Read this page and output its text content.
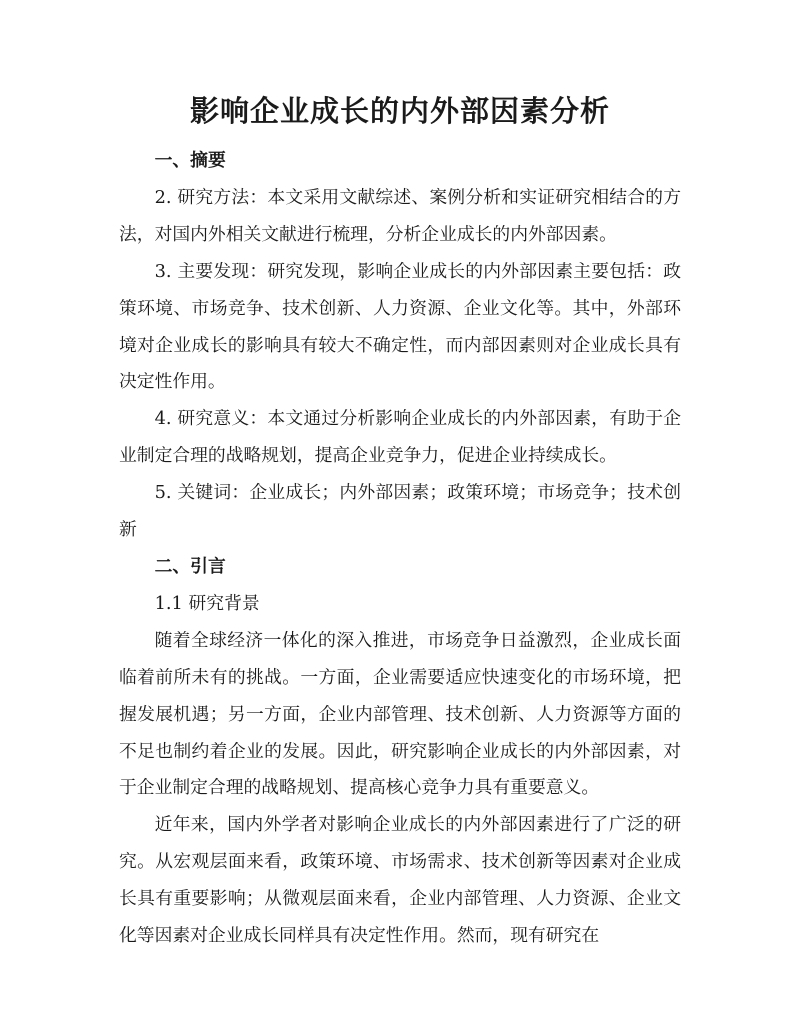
影响企业成长的内外部因素分析

一、摘要

2. 研究方法：本文采用文献综述、案例分析和实证研究相结合的方法，对国内外相关文献进行梳理，分析企业成长的内外部因素。

3. 主要发现：研究发现，影响企业成长的内外部因素主要包括：政策环境、市场竞争、技术创新、人力资源、企业文化等。其中，外部环境对企业成长的影响具有较大不确定性，而内部因素则对企业成长具有决定性作用。

4. 研究意义：本文通过分析影响企业成长的内外部因素，有助于企业制定合理的战略规划，提高企业竞争力，促进企业持续成长。

5. 关键词：企业成长；内外部因素；政策环境；市场竞争；技术创新

二、引言

1.1 研究背景

随着全球经济一体化的深入推进，市场竞争日益激烈，企业成长面临着前所未有的挑战。一方面，企业需要适应快速变化的市场环境，把握发展机遇；另一方面，企业内部管理、技术创新、人力资源等方面的不足也制约着企业的发展。因此，研究影响企业成长的内外部因素，对于企业制定合理的战略规划、提高核心竞争力具有重要意义。

近年来，国内外学者对影响企业成长的内外部因素进行了广泛的研究。从宏观层面来看，政策环境、市场需求、技术创新等因素对企业成长具有重要影响；从微观层面来看，企业内部管理、人力资源、企业文化等因素对企业成长同样具有决定性作用。然而，现有研究在
